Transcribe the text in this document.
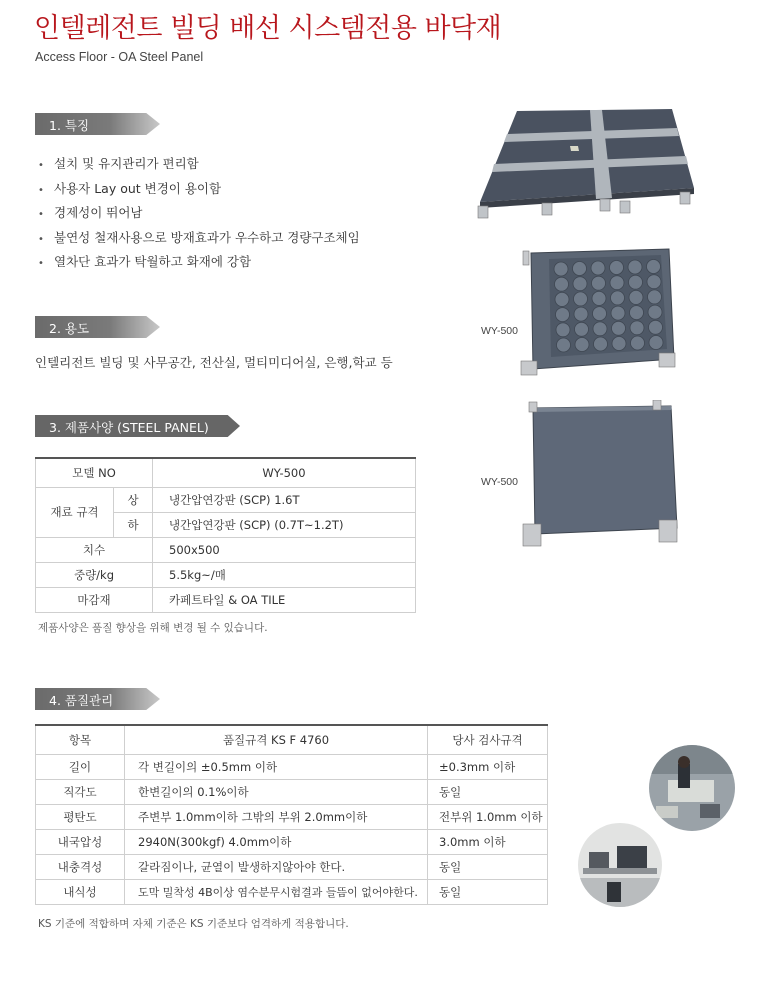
인텔레전트 빌딩 배선 시스템전용 바닥재
Access Floor - OA Steel Panel
1. 특징
• 설치 및 유지관리가 편리함
• 사용자 Lay out 변경이 용이함
• 경제성이 뛰어남
• 불연성 철재사용으로 방재효과가 우수하고 경량구조체임
• 열차단 효과가 탁월하고 화재에 강함
2. 용도
인텔리전트 빌딩 및 사무공간, 전산실, 멀티미디어실, 은행,학교 등
3. 제품사양 (STEEL PANEL)
모델 NO		WY-500
재료 규격	상	냉간압연강판 (SCP) 1.6T
	하	냉간압연강판 (SCP) (0.7T~1.2T)
치수		500x500
중량/kg		5.5kg~/매
마감재		카페트타일 & OA TILE
제품사양은 품질 향상을 위해 변경 될 수 있습니다.
4. 품질관리
항목	품질규격 KS F 4760	당사 검사규격
길이	각 변길이의 ±0.5mm 이하	±0.3mm 이하
직각도	한변길이의 0.1%이하	동일
평탄도	주변부 1.0mm이하 그밖의 부위 2.0mm이하	전부위 1.0mm 이하
내국압성	2940N(300kgf) 4.0mm이하	3.0mm 이하
내충격성	갈라짐이나, 균열이 발생하지않아야 한다.	동일
내식성	도막 밀착성 4B이상 염수분무시험결과 들뜸이 없어야한다.	동일
KS 기준에 적합하며 자체 기준은 KS 기준보다 엄격하게 적용합니다.
WY-500
WY-500
